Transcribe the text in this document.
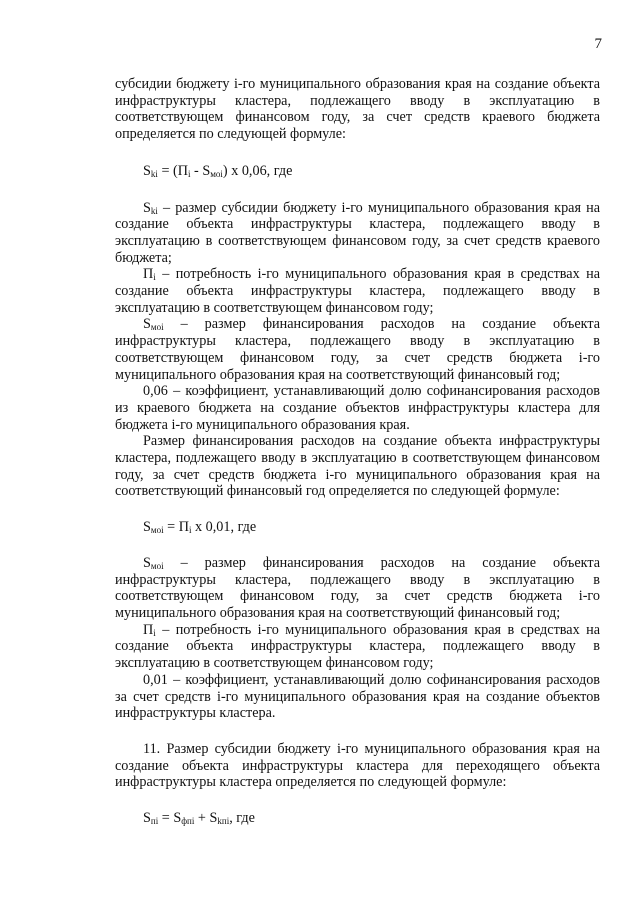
7

субсидии бюджету i-го муниципального образования края на создание объекта инфраструктуры кластера, подлежащего вводу в эксплуатацию в соответствующем финансовом году, за счет средств краевого бюджета определяется по следующей формуле:

$S_{ki} = (П_i - S_{моi})$ x 0,06, где

$S_{ki}$ – размер субсидии бюджету i-го муниципального образования края на создание объекта инфраструктуры кластера, подлежащего вводу в эксплуатацию в соответствующем финансовом году, за счет средств краевого бюджета;

$П_i$ – потребность i-го муниципального образования края в средствах на создание объекта инфраструктуры кластера, подлежащего вводу в эксплуатацию в соответствующем финансовом году;

$S_{моi}$ – размер финансирования расходов на создание объекта инфраструктуры кластера, подлежащего вводу в эксплуатацию в соответствующем финансовом году, за счет средств бюджета i-го муниципального образования края на соответствующий финансовый год;

0,06 – коэффициент, устанавливающий долю софинансирования расходов из краевого бюджета на создание объектов инфраструктуры кластера для бюджета i-го муниципального образования края.

Размер финансирования расходов на создание объекта инфраструктуры кластера, подлежащего вводу в эксплуатацию в соответствующем финансовом году, за счет средств бюджета i-го муниципального образования края на соответствующий финансовый год определяется по следующей формуле:

$S_{моi} = П_i$ x 0,01, где

$S_{моi}$ – размер финансирования расходов на создание объекта инфраструктуры кластера, подлежащего вводу в эксплуатацию в соответствующем финансовом году, за счет средств бюджета i-го муниципального образования края на соответствующий финансовый год;

$П_i$ – потребность i-го муниципального образования края в средствах на создание объекта инфраструктуры кластера, подлежащего вводу в эксплуатацию в соответствующем финансовом году;

0,01 – коэффициент, устанавливающий долю софинансирования расходов за счет средств i-го муниципального образования края на создание объектов инфраструктуры кластера.

11. Размер субсидии бюджету i-го муниципального образования края на создание объекта инфраструктуры кластера для переходящего объекта инфраструктуры кластера определяется по следующей формуле:

$S_{пi} = S_{фпi} + S_{kпi}$, где
